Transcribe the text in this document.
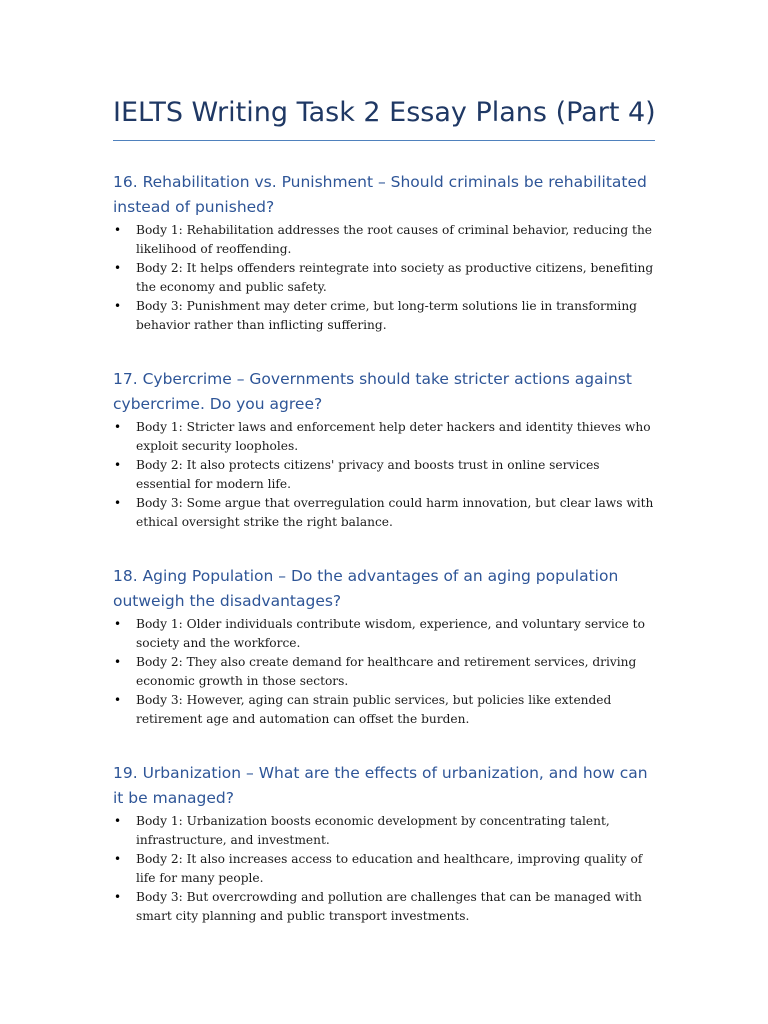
IELTS Writing Task 2 Essay Plans (Part 4)
16. Rehabilitation vs. Punishment – Should criminals be rehabilitated instead of punished?
• Body 1: Rehabilitation addresses the root causes of criminal behavior, reducing the likelihood of reoffending.
• Body 2: It helps offenders reintegrate into society as productive citizens, benefiting the economy and public safety.
• Body 3: Punishment may deter crime, but long-term solutions lie in transforming behavior rather than inflicting suffering.
17. Cybercrime – Governments should take stricter actions against cybercrime. Do you agree?
• Body 1: Stricter laws and enforcement help deter hackers and identity thieves who exploit security loopholes.
• Body 2: It also protects citizens' privacy and boosts trust in online services essential for modern life.
• Body 3: Some argue that overregulation could harm innovation, but clear laws with ethical oversight strike the right balance.
18. Aging Population – Do the advantages of an aging population outweigh the disadvantages?
• Body 1: Older individuals contribute wisdom, experience, and voluntary service to society and the workforce.
• Body 2: They also create demand for healthcare and retirement services, driving economic growth in those sectors.
• Body 3: However, aging can strain public services, but policies like extended retirement age and automation can offset the burden.
19. Urbanization – What are the effects of urbanization, and how can it be managed?
• Body 1: Urbanization boosts economic development by concentrating talent, infrastructure, and investment.
• Body 2: It also increases access to education and healthcare, improving quality of life for many people.
• Body 3: But overcrowding and pollution are challenges that can be managed with smart city planning and public transport investments.
